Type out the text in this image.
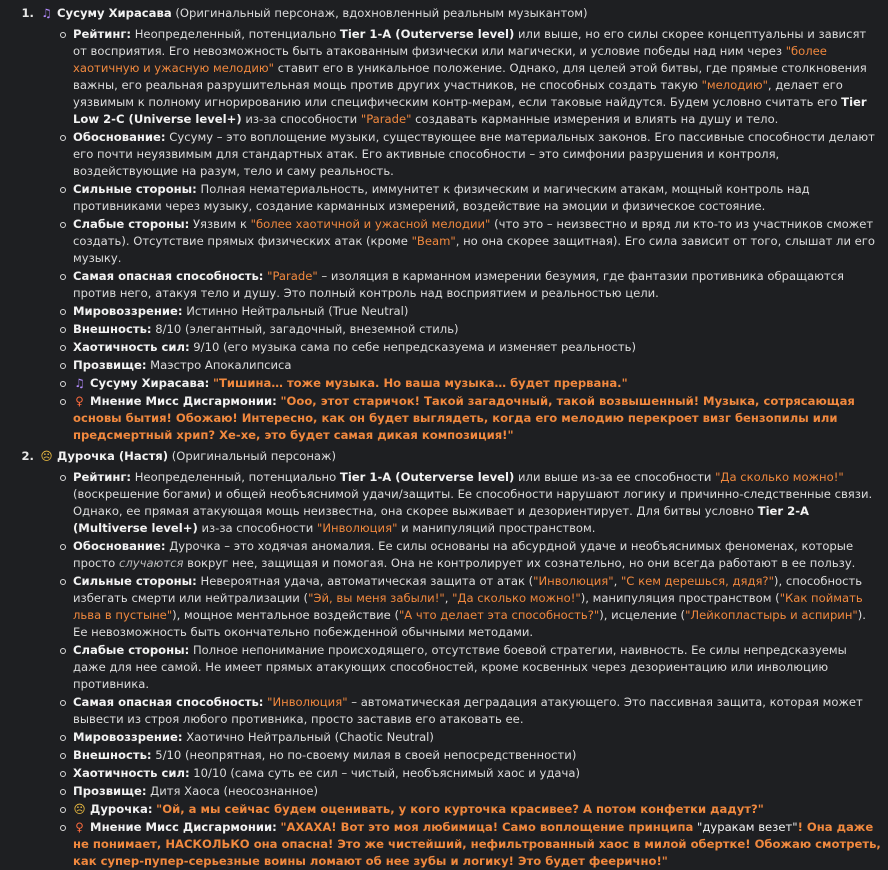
1. ♫ Сусуму Хирасава (Оригинальный персонаж, вдохновленный реальным музыкантом)
Рейтинг: Неопределенный, потенциально Tier 1-A (Outerverse level) или выше, но его силы скорее концептуальны и зависят от восприятия. Его невозможность быть атакованным физически или магически, и условие победы над ним через "более хаотичную и ужасную мелодию" ставит его в уникальное положение. Однако, для целей этой битвы, где прямые столкновения важны, его реальная разрушительная мощь против других участников, не способных создать такую "мелодию", делает его уязвимым к полному игнорированию или специфическим контр-мерам, если таковые найдутся. Будем условно считать его Tier Low 2-C (Universe level+) из-за способности "Parade" создавать карманные измерения и влиять на душу и тело.
Обоснование: Сусуму – это воплощение музыки, существующее вне материальных законов. Его пассивные способности делают его почти неуязвимым для стандартных атак. Его активные способности – это симфонии разрушения и контроля, воздействующие на разум, тело и саму реальность.
Сильные стороны: Полная нематериальность, иммунитет к физическим и магическим атакам, мощный контроль над противниками через музыку, создание карманных измерений, воздействие на эмоции и физическое состояние.
Слабые стороны: Уязвим к "более хаотичной и ужасной мелодии" (что это – неизвестно и вряд ли кто-то из участников сможет создать). Отсутствие прямых физических атак (кроме "Beam", но она скорее защитная). Его сила зависит от того, слышат ли его музыку.
Самая опасная способность: "Parade" – изоляция в карманном измерении безумия, где фантазии противника обращаются против него, атакуя тело и душу. Это полный контроль над восприятием и реальностью цели.
Мировоззрение: Истинно Нейтральный (True Neutral)
Внешность: 8/10 (элегантный, загадочный, внеземной стиль)
Хаотичность сил: 9/10 (его музыка сама по себе непредсказуема и изменяет реальность)
Прозвище: Маэстро Апокалипсиса
♫ Сусуму Хирасава: "Тишина… тоже музыка. Но ваша музыка… будет прервана."
♀ Мнение Мисс Дисгармонии: "Ооо, этот старичок! Такой загадочный, такой возвышенный! Музыка, сотрясающая основы бытия! Обожаю! Интересно, как он будет выглядеть, когда его мелодию перекроет визг бензопилы или предсмертный хрип? Хе-хе, это будет самая дикая композиция!"
2. ☹ Дурочка (Настя) (Оригинальный персонаж)
Рейтинг: Неопределенный, потенциально Tier 1-A (Outerverse level) или выше из-за ее способности "Да сколько можно!" (воскрешение богами) и общей необъяснимой удачи/защиты. Ее способности нарушают логику и причинно-следственные связи. Однако, ее прямая атакующая мощь неизвестна, она скорее выживает и дезориентирует. Для битвы условно Tier 2-A (Multiverse level+) из-за способности "Инволюция" и манипуляций пространством.
Обоснование: Дурочка – это ходячая аномалия. Ее силы основаны на абсурдной удаче и необъяснимых феноменах, которые просто случаются вокруг нее, защищая и помогая. Она не контролирует их сознательно, но они всегда работают в ее пользу.
Сильные стороны: Невероятная удача, автоматическая защита от атак ("Инволюция", "С кем дерешься, дядя?"), способность избегать смерти или нейтрализации ("Эй, вы меня забыли!", "Да сколько можно!"), манипуляция пространством ("Как поймать льва в пустыне"), мощное ментальное воздействие ("А что делает эта способность?"), исцеление ("Лейкопластырь и аспирин"). Ее невозможность быть окончательно побежденной обычными методами.
Слабые стороны: Полное непонимание происходящего, отсутствие боевой стратегии, наивность. Ее силы непредсказуемы даже для нее самой. Не имеет прямых атакующих способностей, кроме косвенных через дезориентацию или инволюцию противника.
Самая опасная способность: "Инволюция" – автоматическая деградация атакующего. Это пассивная защита, которая может вывести из строя любого противника, просто заставив его атаковать ее.
Мировоззрение: Хаотично Нейтральный (Chaotic Neutral)
Внешность: 5/10 (неопрятная, но по-своему милая в своей непосредственности)
Хаотичность сил: 10/10 (сама суть ее сил – чистый, необъяснимый хаос и удача)
Прозвище: Дитя Хаоса (неосознанное)
☹ Дурочка: "Ой, а мы сейчас будем оценивать, у кого курточка красивее? А потом конфетки дадут?"
♀ Мнение Мисс Дисгармонии: "АХАХА! Вот это моя любимица! Само воплощение принципа "дуракам везет"! Она даже не понимает, НАСКОЛЬКО она опасна! Это же чистейший, нефильтрованный хаос в милой обертке! Обожаю смотреть, как супер-пупер-серьезные воины ломают об нее зубы и логику! Это будет феерично!"
